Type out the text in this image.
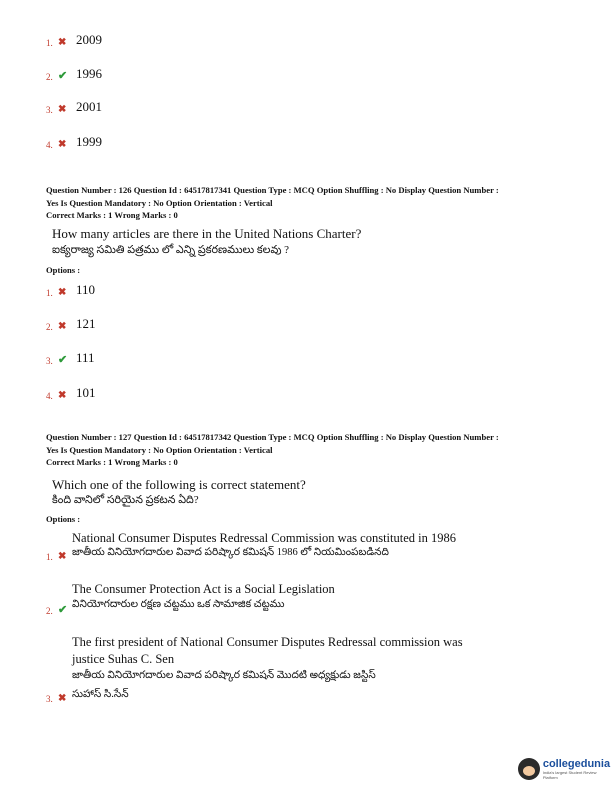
1. ✖ 2009
2. ✔ 1996
3. ✖ 2001
4. ✖ 1999
Question Number : 126 Question Id : 64517817341 Question Type : MCQ Option Shuffling : No Display Question Number :
Yes Is Question Mandatory : No Option Orientation : Vertical
Correct Marks : 1 Wrong Marks : 0
How many articles are there in the United Nations Charter?
ఐక్యరాజ్య సమితి పత్రము లో ఎన్ని ప్రకరణములు కలవు ?
Options :
1. ✖ 110
2. ✖ 121
3. ✔ 111
4. ✖ 101
Question Number : 127 Question Id : 64517817342 Question Type : MCQ Option Shuffling : No Display Question Number :
Yes Is Question Mandatory : No Option Orientation : Vertical
Correct Marks : 1 Wrong Marks : 0
Which one of the following is correct statement?
కింది వానిలో సరియైన ప్రకటన ఏది?
Options :
National Consumer Disputes Redressal Commission was constituted in 1986
జాతీయ వినియోగదారుల వివాద పరిష్కార కమిషన్ 1986 లో నియమింపబడినది
1. ✖
The Consumer Protection Act is a Social Legislation
వినియోగదారుల రక్షణ చట్టము ఒక సామాజిక చట్టము
2. ✔
The first president of National Consumer Disputes Redressal commission was
justice Suhas C. Sen
జాతీయ వినియోగదారుల వివాద పరిష్కార కమిషన్ మొదటి అధ్యక్షుడు జస్టిస్
సుహాస్ సి.సేన్
3. ✖
collegedunia
India's largest Student Review Platform
